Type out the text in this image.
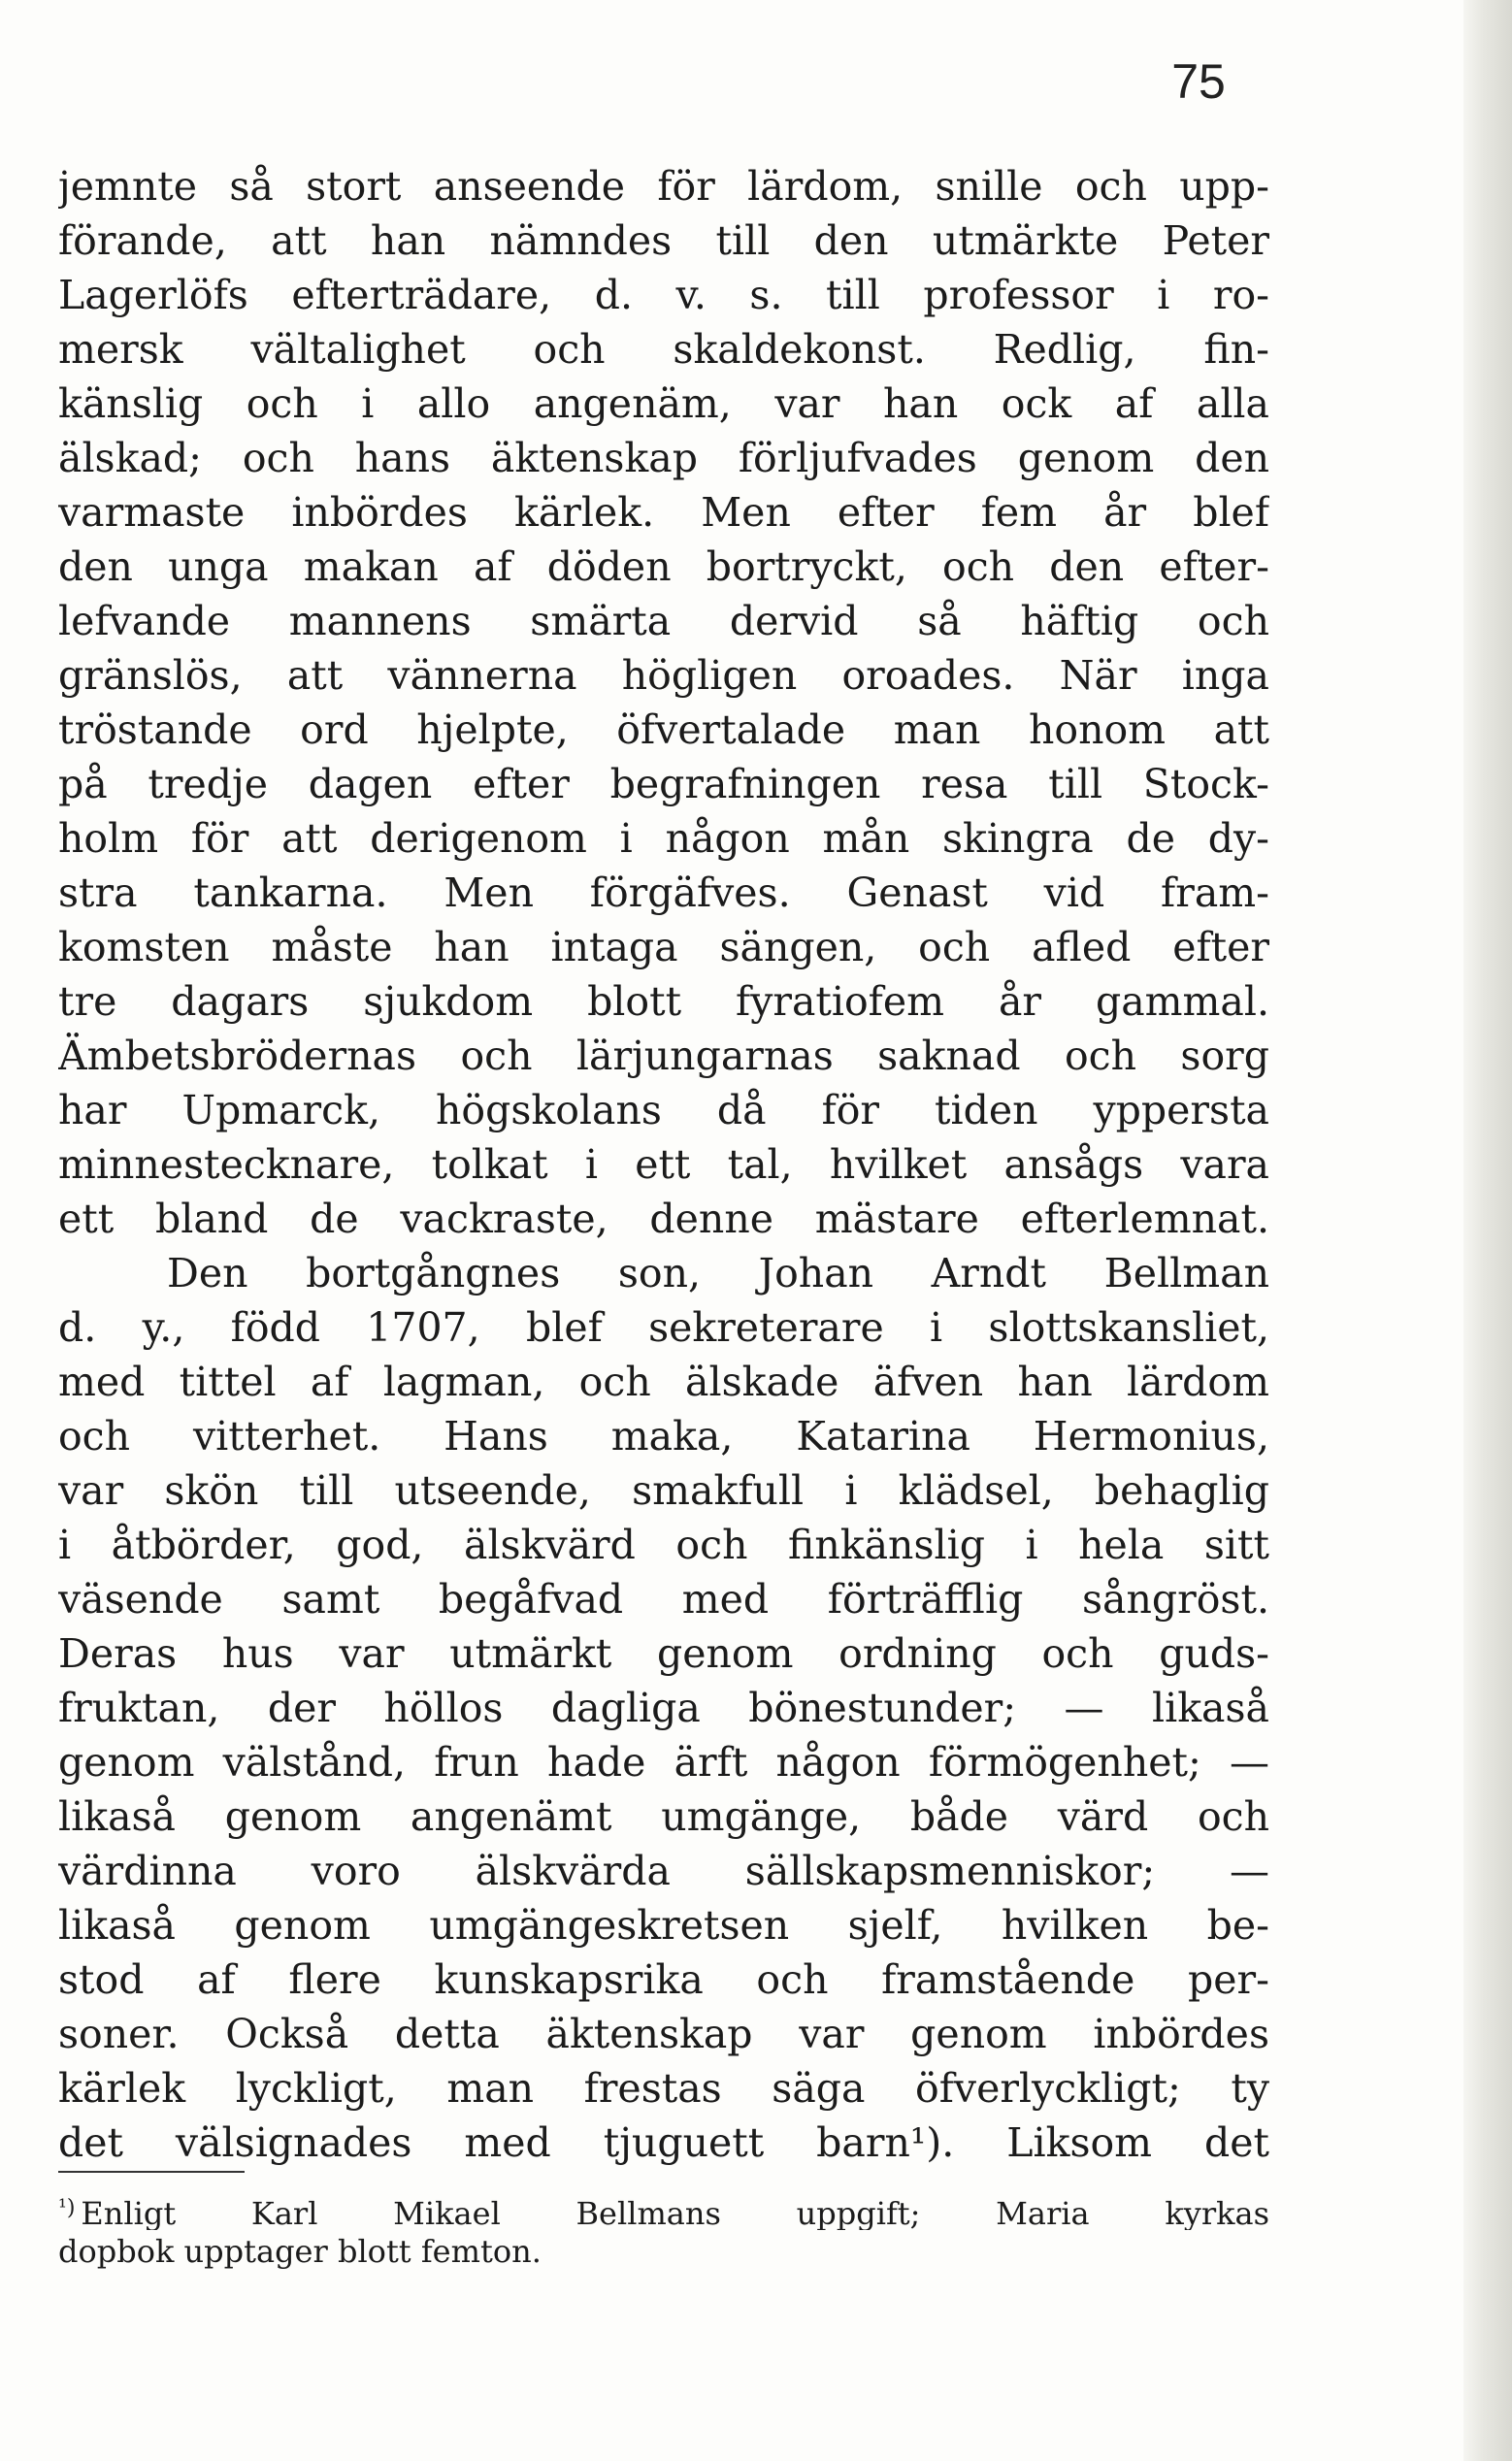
75
jemnte så stort anseende för lärdom, snille och upp-
förande, att han nämndes till den utmärkte Peter
Lagerlöfs efterträdare, d. v. s. till professor i ro-
mersk vältalighet och skaldekonst. Redlig, fin-
känslig och i allo angenäm, var han ock af alla
älskad; och hans äktenskap förljufvades genom den
varmaste inbördes kärlek. Men efter fem år blef
den unga makan af döden bortryckt, och den efter-
lefvande mannens smärta dervid så häftig och
gränslös, att vännerna högligen oroades. När inga
tröstande ord hjelpte, öfvertalade man honom att
på tredje dagen efter begrafningen resa till Stock-
holm för att derigenom i någon mån skingra de dy-
stra tankarna. Men förgäfves. Genast vid fram-
komsten måste han intaga sängen, och afled efter
tre dagars sjukdom blott fyratiofem år gammal.
Ämbetsbrödernas och lärjungarnas saknad och sorg
har Upmarck, högskolans då för tiden yppersta
minnestecknare, tolkat i ett tal, hvilket ansågs vara
ett bland de vackraste, denne mästare efterlemnat.
Den bortgångnes son, Johan Arndt Bellman
d. y., född 1707, blef sekreterare i slottskansliet,
med tittel af lagman, och älskade äfven han lärdom
och vitterhet. Hans maka, Katarina Hermonius,
var skön till utseende, smakfull i klädsel, behaglig
i åtbörder, god, älskvärd och finkänslig i hela sitt
väsende samt begåfvad med förträfflig sångröst.
Deras hus var utmärkt genom ordning och guds-
fruktan, der höllos dagliga bönestunder; — likaså
genom välstånd, frun hade ärft någon förmögenhet; —
likaså genom angenämt umgänge, både värd och
värdinna voro älskvärda sällskapsmenniskor; —
likaså genom umgängeskretsen sjelf, hvilken be-
stod af flere kunskapsrika och framstående per-
soner. Också detta äktenskap var genom inbördes
kärlek lyckligt, man frestas säga öfverlyckligt; ty
det välsignades med tjuguett barn¹). Liksom det
$^{^1)}$ Enligt Karl Mikael Bellmans uppgift; Maria kyrkas
dopbok upptager blott femton.
